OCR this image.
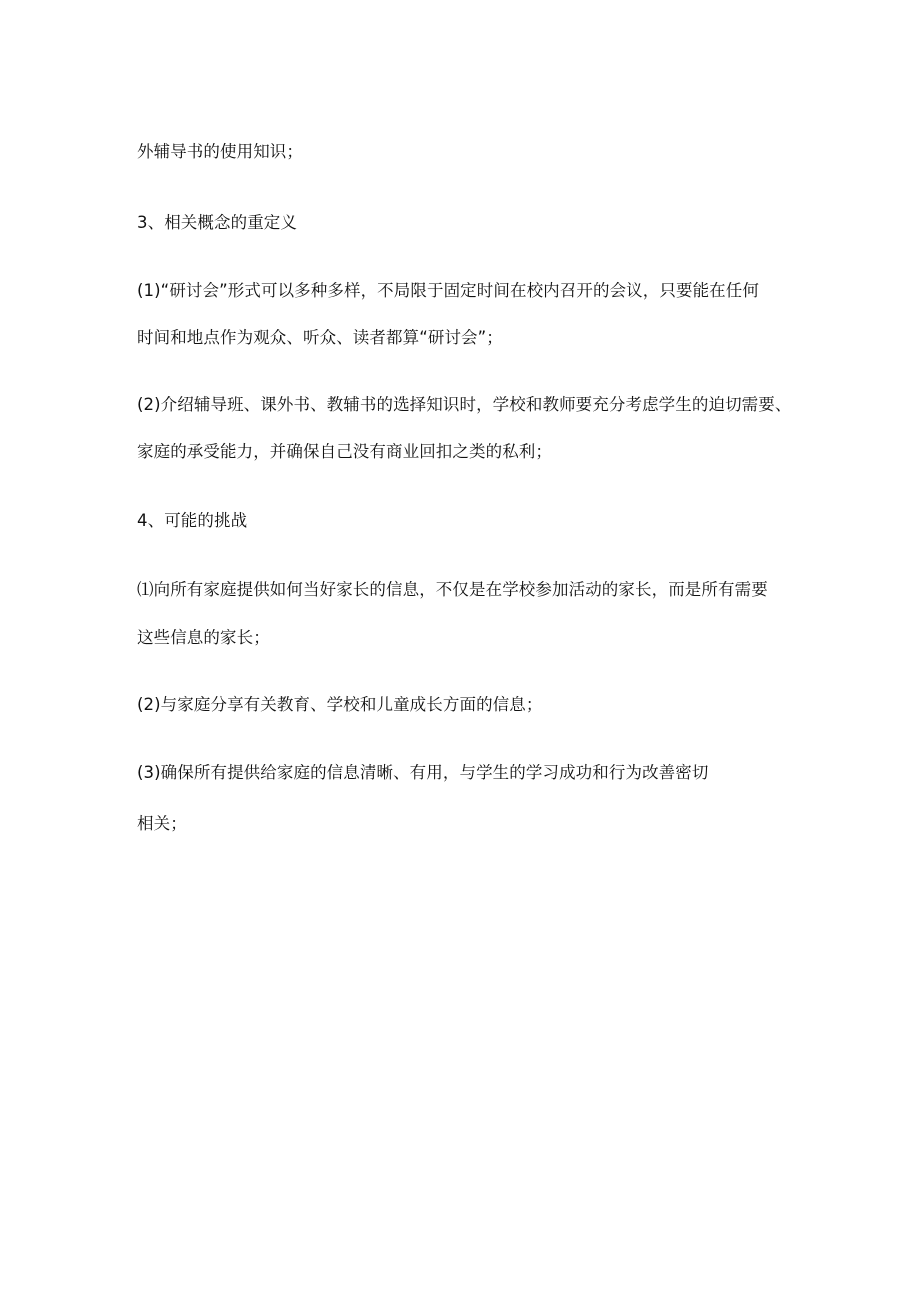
外辅导书的使用知识；
3、相关概念的重定义
(1)“研讨会”形式可以多种多样，不局限于固定时间在校内召开的会议，只要能在任何
时间和地点作为观众、听众、读者都算“研讨会”；
(2)介绍辅导班、课外书、教辅书的选择知识时，学校和教师要充分考虑学生的迫切需要、
家庭的承受能力，并确保自己没有商业回扣之类的私利；
4、可能的挑战
⑴向所有家庭提供如何当好家长的信息，不仅是在学校参加活动的家长，而是所有需要
这些信息的家长；
(2)与家庭分享有关教育、学校和儿童成长方面的信息；
(3)确保所有提供给家庭的信息清晰、有用，与学生的学习成功和行为改善密切
相关；
